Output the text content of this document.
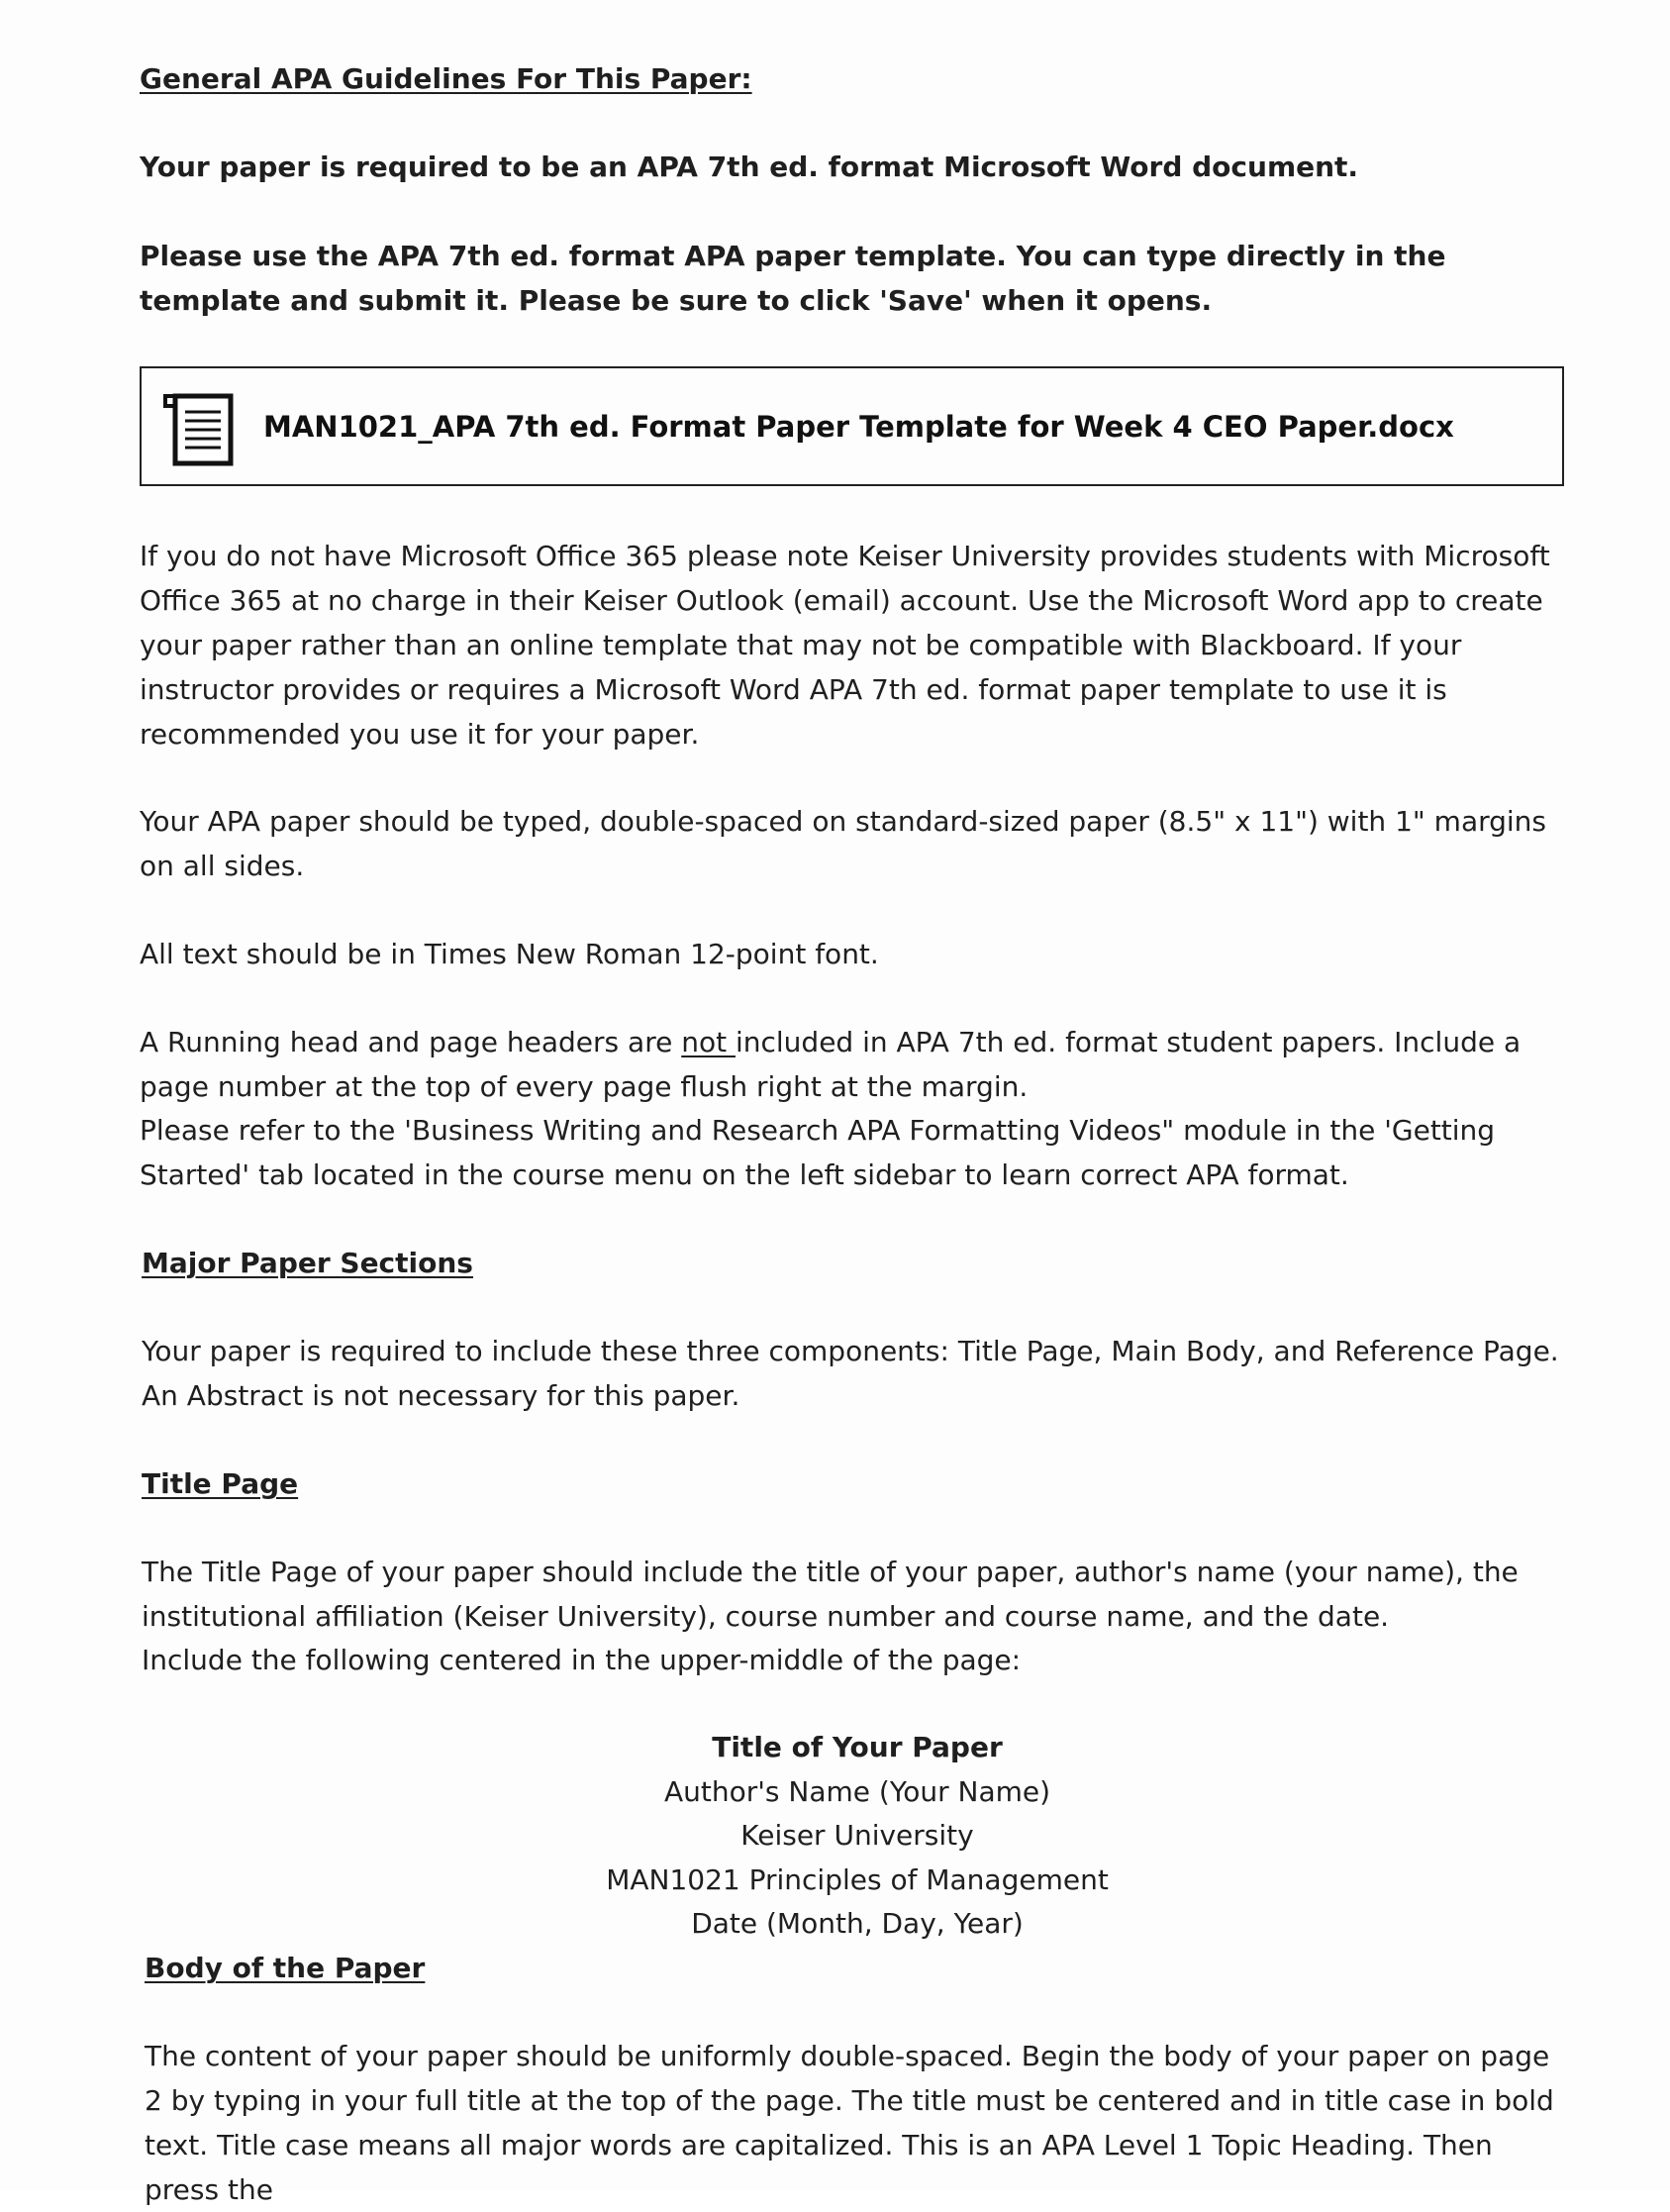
General APA Guidelines For This Paper:

Your paper is required to be an APA 7th ed. format Microsoft Word document.

Please use the APA 7th ed. format APA paper template. You can type directly in the template and submit it. Please be sure to click 'Save' when it opens.

MAN1021_APA 7th ed. Format Paper Template for Week 4 CEO Paper.docx

If you do not have Microsoft Office 365 please note Keiser University provides students with Microsoft Office 365 at no charge in their Keiser Outlook (email) account. Use the Microsoft Word app to create your paper rather than an online template that may not be compatible with Blackboard. If your instructor provides or requires a Microsoft Word APA 7th ed. format paper template to use it is recommended you use it for your paper.

Your APA paper should be typed, double-spaced on standard-sized paper (8.5" x 11") with 1" margins on all sides.

All text should be in Times New Roman 12-point font.

A Running head and page headers are not included in APA 7th ed. format student papers. Include a page number at the top of every page flush right at the margin.

Please refer to the 'Business Writing and Research APA Formatting Videos" module in the 'Getting Started' tab located in the course menu on the left sidebar to learn correct APA format.

Major Paper Sections

Your paper is required to include these three components: Title Page, Main Body, and Reference Page. An Abstract is not necessary for this paper.

Title Page

The Title Page of your paper should include the title of your paper, author's name (your name), the institutional affiliation (Keiser University), course number and course name, and the date.

Include the following centered in the upper-middle of the page:

Title of Your Paper
Author's Name (Your Name)
Keiser University
MAN1021 Principles of Management
Date (Month, Day, Year)

Body of the Paper

The content of your paper should be uniformly double-spaced. Begin the body of your paper on page 2 by typing in your full title at the top of the page. The title must be centered and in title case in bold text. Title case means all major words are capitalized. This is an APA Level 1 Topic Heading. Then press the
